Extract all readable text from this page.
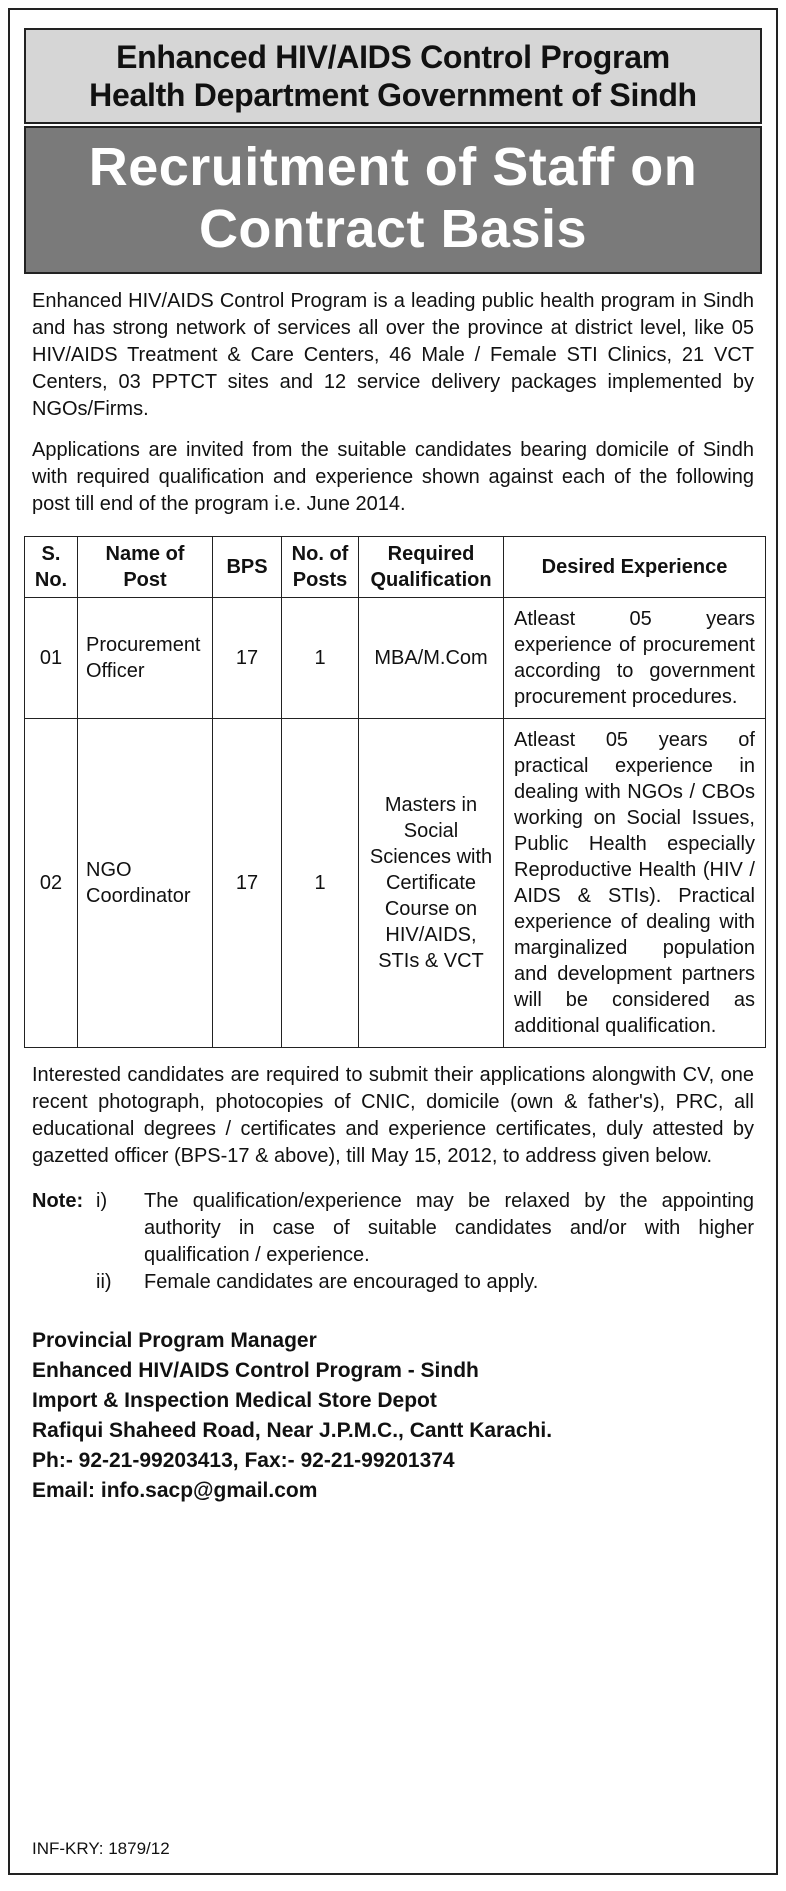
Enhanced HIV/AIDS Control Program
Health Department Government of Sindh
Recruitment of Staff on
Contract Basis

Enhanced HIV/AIDS Control Program is a leading public health program in Sindh and has strong network of services all over the province at district level, like 05 HIV/AIDS Treatment & Care Centers, 46 Male / Female STI Clinics, 21 VCT Centers, 03 PPTCT sites and 12 service delivery packages implemented by NGOs/Firms.

Applications are invited from the suitable candidates bearing domicile of Sindh with required qualification and experience shown against each of the following post till end of the program i.e. June 2014.

S. No.	Name of Post	BPS	No. of Posts	Required Qualification	Desired Experience
01	Procurement Officer	17	1	MBA/M.Com	Atleast 05 years experience of procurement according to government procurement procedures.
02	NGO Coordinator	17	1	Masters in Social Sciences with Certificate Course on HIV/AIDS, STIs & VCT	Atleast 05 years of practical experience in dealing with NGOs / CBOs working on Social Issues, Public Health especially Reproductive Health (HIV / AIDS & STIs). Practical experience of dealing with marginalized population and development partners will be considered as additional qualification.

Interested candidates are required to submit their applications alongwith CV, one recent photograph, photocopies of CNIC, domicile (own & father's), PRC, all educational degrees / certificates and experience certificates, duly attested by gazetted officer (BPS-17 & above), till May 15, 2012, to address given below.

Note: i)	The qualification/experience may be relaxed by the appointing authority in case of suitable candidates and/or with higher qualification / experience.
ii)	Female candidates are encouraged to apply.
Provincial Program Manager
Enhanced HIV/AIDS Control Program - Sindh
Import & Inspection Medical Store Depot
Rafiqui Shaheed Road, Near J.P.M.C., Cantt Karachi.
Ph:- 92-21-99203413, Fax:- 92-21-99201374
Email: info.sacp@gmail.com
INF-KRY: 1879/12
